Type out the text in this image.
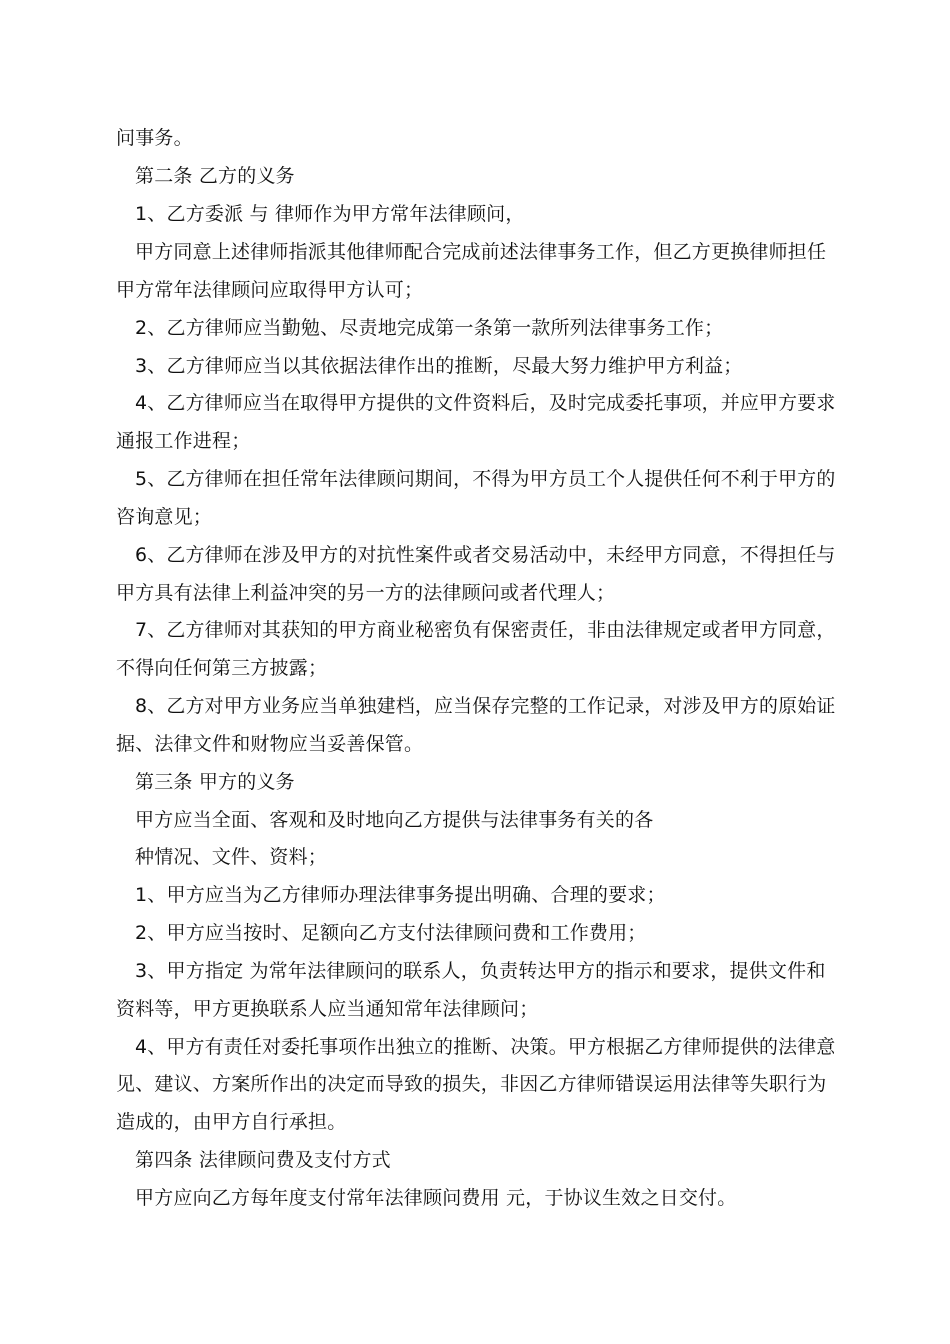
问事务。
第二条 乙方的义务
1、乙方委派 与 律师作为甲方常年法律顾问，
甲方同意上述律师指派其他律师配合完成前述法律事务工作，但乙方更换律师担任
甲方常年法律顾问应取得甲方认可；
2、乙方律师应当勤勉、尽责地完成第一条第一款所列法律事务工作；
3、乙方律师应当以其依据法律作出的推断，尽最大努力维护甲方利益；
4、乙方律师应当在取得甲方提供的文件资料后，及时完成委托事项，并应甲方要求
通报工作进程；
5、乙方律师在担任常年法律顾问期间，不得为甲方员工个人提供任何不利于甲方的
咨询意见；
6、乙方律师在涉及甲方的对抗性案件或者交易活动中，未经甲方同意，不得担任与
甲方具有法律上利益冲突的另一方的法律顾问或者代理人；
7、乙方律师对其获知的甲方商业秘密负有保密责任，非由法律规定或者甲方同意，
不得向任何第三方披露；
8、乙方对甲方业务应当单独建档，应当保存完整的工作记录，对涉及甲方的原始证
据、法律文件和财物应当妥善保管。
第三条 甲方的义务
甲方应当全面、客观和及时地向乙方提供与法律事务有关的各
种情况、文件、资料；
1、甲方应当为乙方律师办理法律事务提出明确、合理的要求；
2、甲方应当按时、足额向乙方支付法律顾问费和工作费用；
3、甲方指定 为常年法律顾问的联系人，负责转达甲方的指示和要求，提供文件和
资料等，甲方更换联系人应当通知常年法律顾问；
4、甲方有责任对委托事项作出独立的推断、决策。甲方根据乙方律师提供的法律意
见、建议、方案所作出的决定而导致的损失，非因乙方律师错误运用法律等失职行为
造成的，由甲方自行承担。
第四条 法律顾问费及支付方式
甲方应向乙方每年度支付常年法律顾问费用 元，于协议生效之日交付。
